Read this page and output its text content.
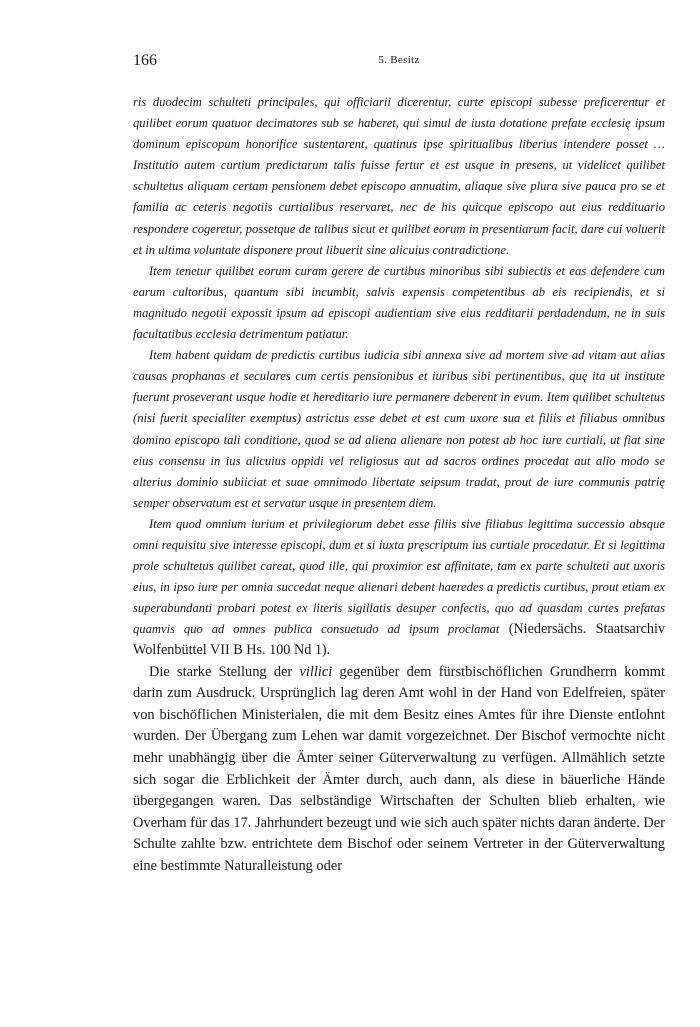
166	5. Besitz

ris duodecim schulteti principales, qui officiarii dicerentur, curte episcopi subesse preficerentur et quilibet eorum quatuor decimatores sub se haberet, qui simul de iusta dotatione prefate ecclesię ipsum dominum episcopum honorifice sustentarent, quatinus ipse spiritualibus liberius intendere posset … Institutio autem curtium predictarum talis fuisse fertur et est usque in presens, ut videlicet quilibet schultetus aliquam certam pensionem debet episcopo annuatim, aliaque sive plura sive pauca pro se et familia ac ceteris negotiis curtialibus reservaret, nec de his quicque episcopo aut eius reddituario respondere cogeretur, possetque de talibus sicut et quilibet eorum in presentiarum facit, dare cui voluerit et in ultima voluntate disponere prout libuerit sine alicuius contradictione.

Item tenetur quilibet eorum curam gerere de curtibus minoribus sibi subiectis et eas defendere cum earum cultoribus, quantum sibi incumbit, salvis expensis competentibus ab eis recipiendis, et si magnitudo negotii expossit ipsum ad episcopi audientiam sive eius redditarii perdadendum, ne in suis facultatibus ecclesia detrimentum patiatur.

Item habent quidam de predictis curtibus iudicia sibi annexa sive ad mortem sive ad vitam aut alias causas prophanas et seculares cum certis pensionibus et iuribus sibi pertinentibus, quę ita ut institute fuerunt proseverant usque hodie et hereditario iure permanere deberent in evum. Item quilibet schultetus (nisi fuerit specialiter exemptus) astrictus esse debet et est cum uxore sua et filiis et filiabus omnibus domino episcopo tali conditione, quod se ad aliena alienare non potest ab hoc iure curtiali, ut fiat sine eius consensu in ius alicuius oppidi vel religiosus aut ad sacros ordines procedat aut alio modo se alterius dominio subiiciat et suae omnimodo libertate seipsum tradat, prout de iure communis patrię semper observatum est et servatur usque in presentem diem.

Item quod omnium iurium et privilegiorum debet esse filiis sive filiabus legittima successio absque omni requisitu sive interesse episcopi, dum et si iuxta pręscriptum ius curtiale procedatur. Et si legittima prole schultetus quilibet careat, quod ille, qui proximior est affinitate, tam ex parte schulteti aut uxoris eius, in ipso iure per omnia succedat neque alienari debent haeredes a predictis curtibus, prout etiam ex superabundanti probari potest ex literis sigillatis desuper confectis, quo ad quasdam curtes prefatas quamvis quo ad omnes publica consuetudo ad ipsum proclamat (Niedersächs. Staatsarchiv Wolfenbüttel VII B Hs. 100 Nd 1).

Die starke Stellung der villici gegenüber dem fürstbischöflichen Grundherrn kommt darin zum Ausdruck. Ursprünglich lag deren Amt wohl in der Hand von Edelfreien, später von bischöflichen Ministerialen, die mit dem Besitz eines Amtes für ihre Dienste entlohnt wurden. Der Übergang zum Lehen war damit vorgezeichnet. Der Bischof vermochte nicht mehr unabhängig über die Ämter seiner Güterverwaltung zu verfügen. Allmählich setzte sich sogar die Erblichkeit der Ämter durch, auch dann, als diese in bäuerliche Hände übergegangen waren. Das selbständige Wirtschaften der Schulten blieb erhalten, wie Overham für das 17. Jahrhundert bezeugt und wie sich auch später nichts daran änderte. Der Schulte zahlte bzw. entrichtete dem Bischof oder seinem Vertreter in der Güterverwaltung eine bestimmte Naturalleistung oder
